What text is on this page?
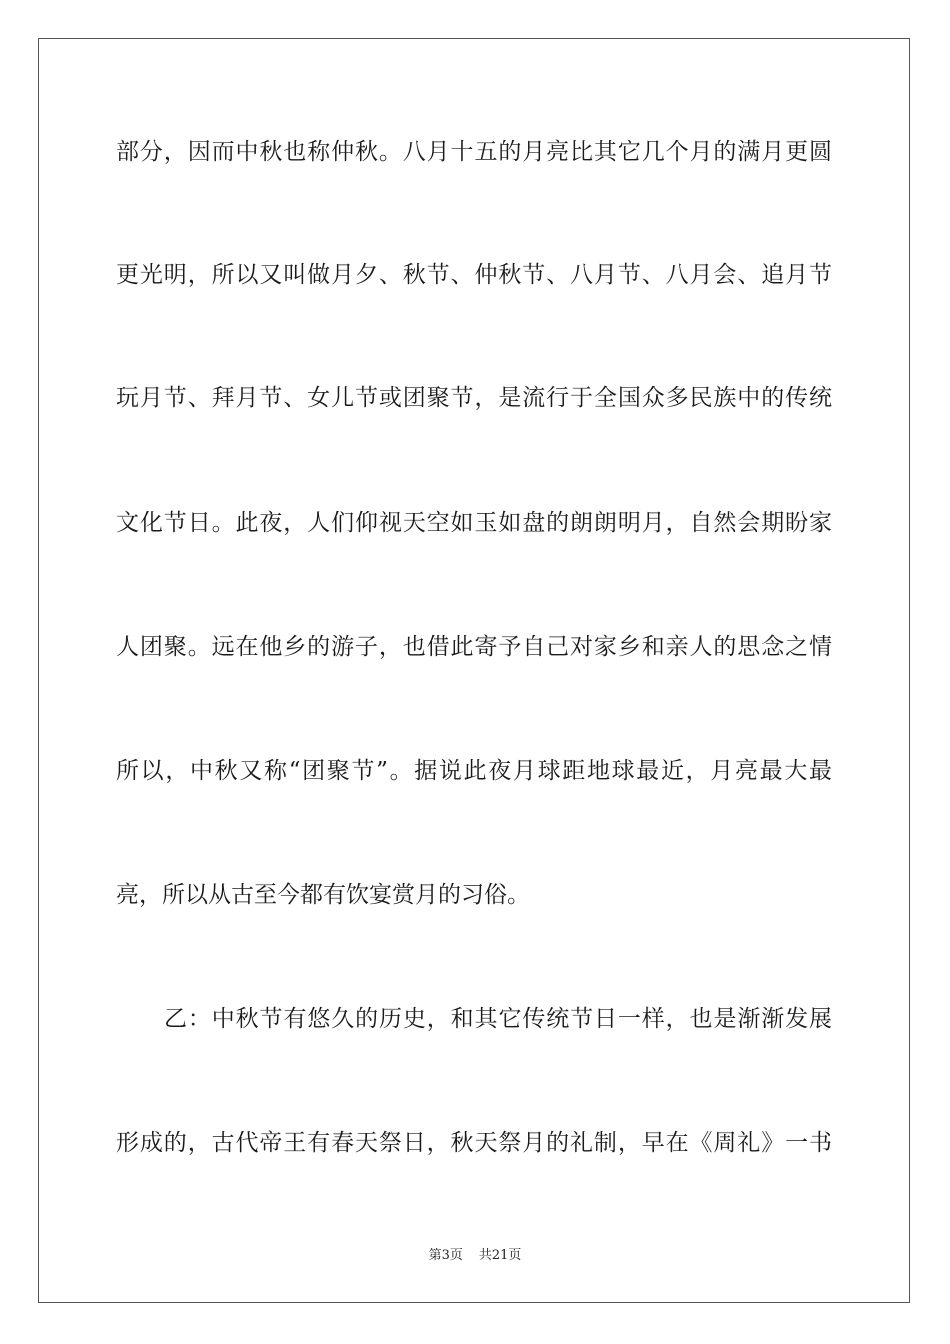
部分，因而中秋也称仲秋。八月十五的月亮比其它几个月的满月更圆
更光明，所以又叫做月夕、秋节、仲秋节、八月节、八月会、追月节
玩月节、拜月节、女儿节或团聚节，是流行于全国众多民族中的传统
文化节日。此夜，人们仰视天空如玉如盘的朗朗明月，自然会期盼家
人团聚。远在他乡的游子，也借此寄予自己对家乡和亲人的思念之情
所以，中秋又称“团聚节”。据说此夜月球距地球最近，月亮最大最
亮，所以从古至今都有饮宴赏月的习俗。
乙：中秋节有悠久的历史，和其它传统节日一样，也是渐渐发展
形成的，古代帝王有春天祭日，秋天祭月的礼制，早在《周礼》一书
第3页 共21页
